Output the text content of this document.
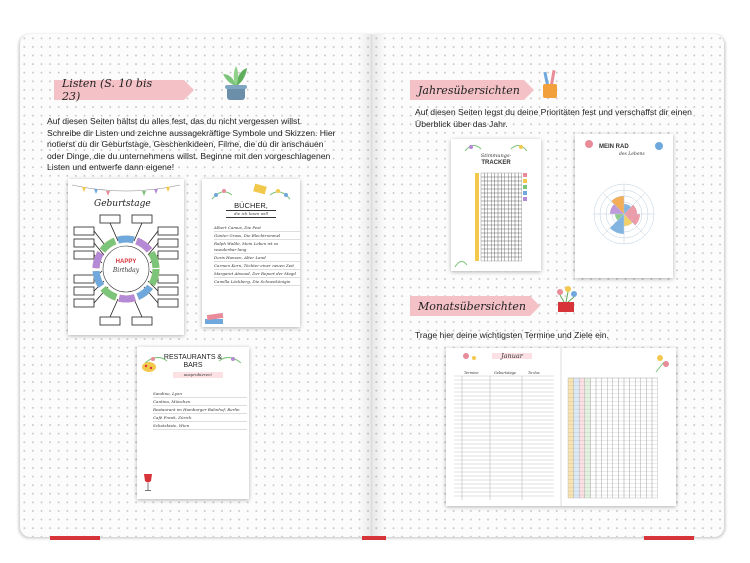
Listen (S. 10 bis 23)
Auf diesen Seiten hältst du alles fest, das du nicht vergessen willst. Schreibe dir Listen und zeichne aussagekräftige Symbole und Skizzen. Hier notierst du dir Geburtstage, Geschenkideen, Filme, die du dir anschauen oder Dinge, die du unternehmens willst. Beginne mit den vorgeschlagenen Listen und entwerfe dann eigene!
Geburtstage
HAPPY
Birthday
BÜCHER,
die ich lesen will
Albert Camus, Die Pest
Günter Grass, Die Blechtrommel
Ralph Waldo, Mein Leben ist so wunderbar lang
Doris Hansen, Alter Land
Carmen Korn, Töchter einer neuen Zeit
Margaret Atwood, Der Report der Magd
Camilla Läckberg, Die Schneekönigin
RESTAURANTS & BARS
ausprobieren!
Sandino, Lyon
Cantina, München
Restaurant im Hamburger Bahnhof, Berlin
Café Frank, Zürich
Schatzkiste, Wien
Jahresübersichten
Auf diesen Seiten legst du deine Prioritäten fest und verschaffst dir einen Überblick über das Jahr.
Stimmungs-
TRACKER
MEIN RAD
des Lebens
Monatsübersichten
Trage hier deine wichtigsten Termine und Ziele ein.
Januar
Termine	Geburtstage	To-dos
